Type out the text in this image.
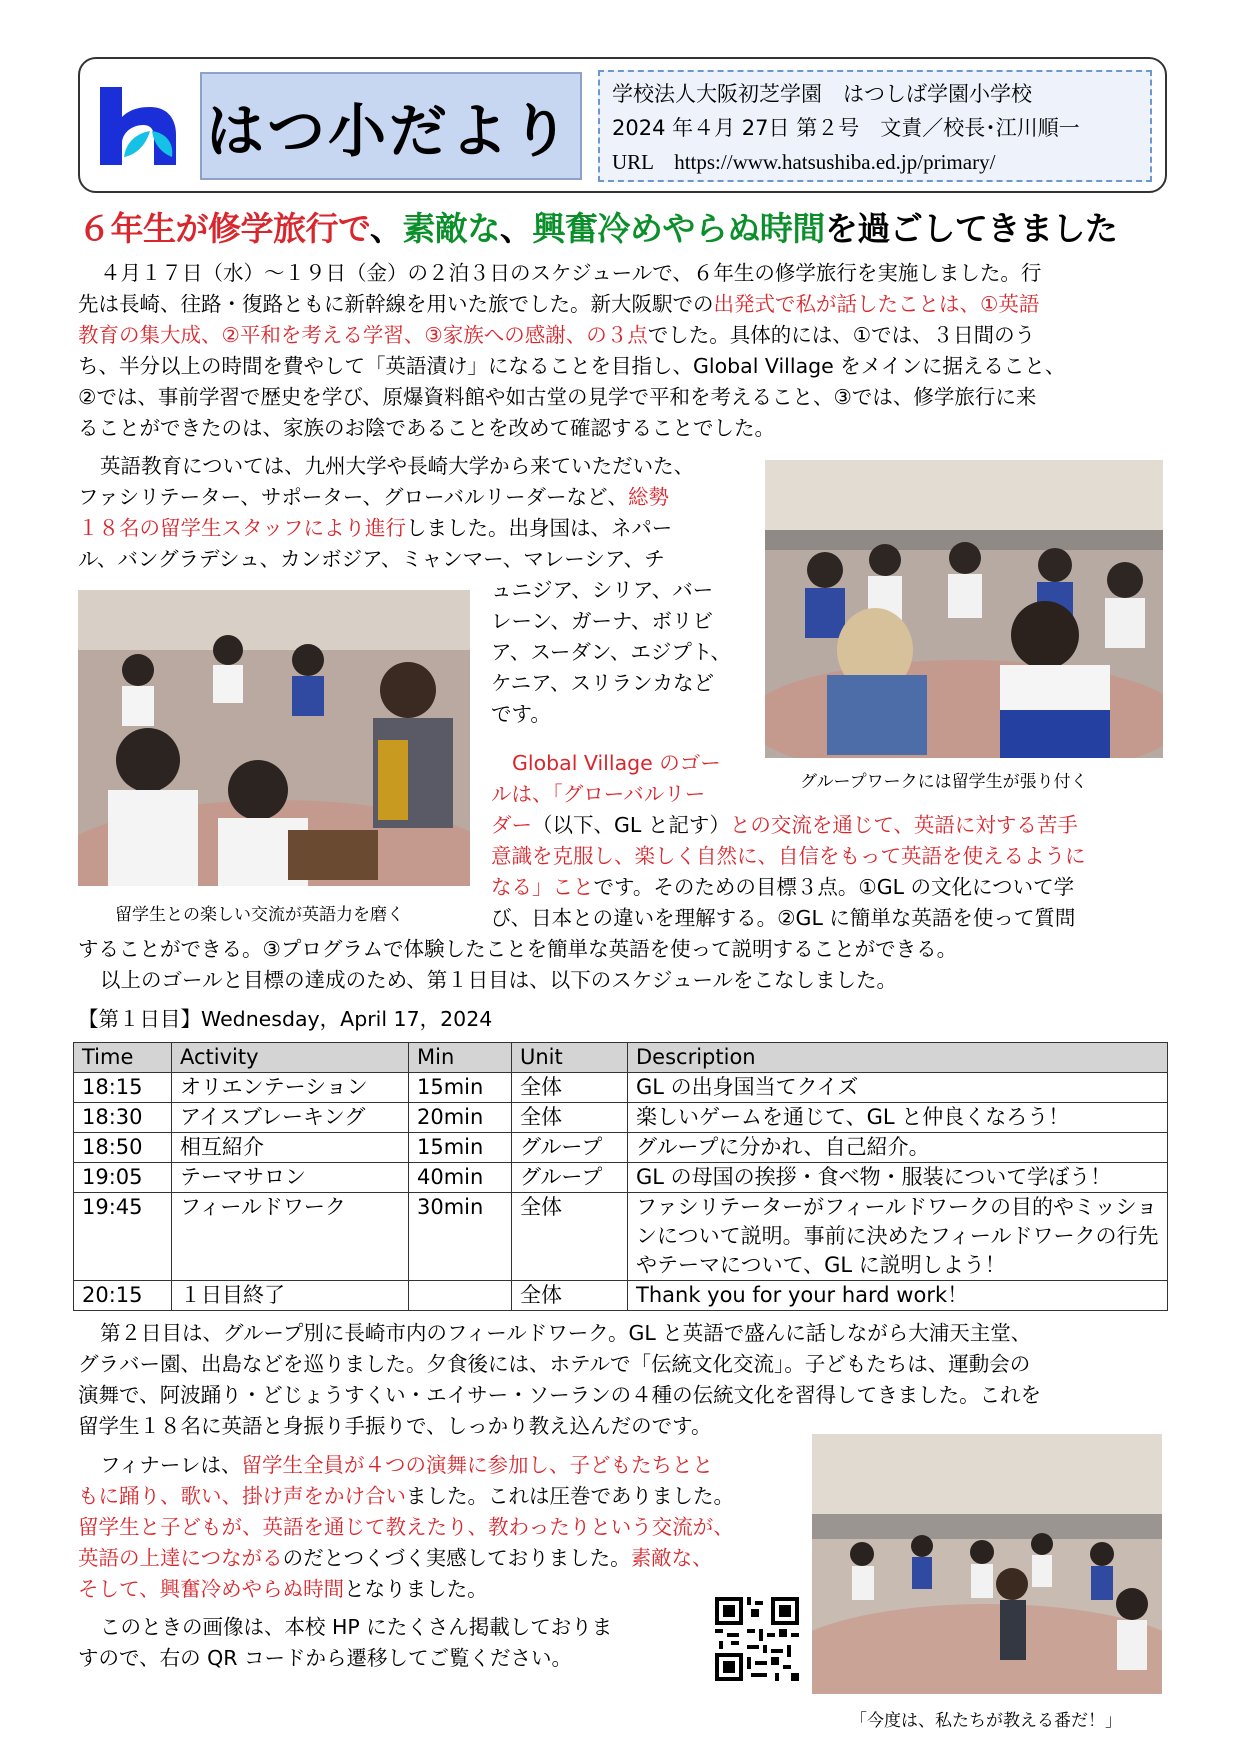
はつ小だより
学校法人大阪初芝学園　はつしば学園小学校
2024 年４月 27日 第２号　文責／校長･江川順一
URL　https://www.hatsushiba.ed.jp/primary/
６年生が修学旅行で、素敵な、興奮冷めやらぬ時間を過ごしてきました
４月１７日（水）～１９日（金）の２泊３日のスケジュールで、６年生の修学旅行を実施しました。行
先は長崎、往路・復路ともに新幹線を用いた旅でした。新大阪駅での出発式で私が話したことは、①英語
教育の集大成、②平和を考える学習、③家族への感謝、の３点でした。具体的には、①では、３日間のう
ち、半分以上の時間を費やして「英語漬け」になることを目指し、Global Village をメインに据えること、
②では、事前学習で歴史を学び、原爆資料館や如古堂の見学で平和を考えること、③では、修学旅行に来
ることができたのは、家族のお陰であることを改めて確認することでした。
英語教育については、九州大学や長崎大学から来ていただいた、
ファシリテーター、サポーター、グローバルリーダーなど、総勢
１８名の留学生スタッフにより進行しました。出身国は、ネパー
ル、バングラデシュ、カンボジア、ミャンマー、マレーシア、チ
ュニジア、シリア、バー
レーン、ガーナ、ボリビ
ア、スーダン、エジプト、
ケニア、スリランカなど
です。
Global Village のゴー
ルは、「グローバルリー
ダー（以下、GL と記す）との交流を通じて、英語に対する苦手
意識を克服し、楽しく自然に、自信をもって英語を使えるように
なる」ことです。そのための目標３点。①GL の文化について学
び、日本との違いを理解する。②GL に簡単な英語を使って質問
することができる。③プログラムで体験したことを簡単な英語を使って説明することができる。
以上のゴールと目標の達成のため、第１日目は、以下のスケジュールをこなしました。
【第１日目】Wednesday，April 17，2024
グループワークには留学生が張り付く
留学生との楽しい交流が英語力を磨く
Time	Activity	Min	Unit	Description
18:15	オリエンテーション	15min	全体	GL の出身国当てクイズ
18:30	アイスブレーキング	20min	全体	楽しいゲームを通じて、GL と仲良くなろう！
18:50	相互紹介	15min	グループ	グループに分かれ、自己紹介。
19:05	テーマサロン	40min	グループ	GL の母国の挨拶・食べ物・服装について学ぼう！
19:45	フィールドワーク	30min	全体	ファシリテーターがフィールドワークの目的やミッションについて説明。事前に決めたフィールドワークの行先やテーマについて、GL に説明しよう！
20:15	１日目終了		全体	Thank you for your hard work！
第２日目は、グループ別に長崎市内のフィールドワーク。GL と英語で盛んに話しながら大浦天主堂、
グラバー園、出島などを巡りました。夕食後には、ホテルで「伝統文化交流」。子どもたちは、運動会の
演舞で、阿波踊り・どじょうすくい・エイサー・ソーランの４種の伝統文化を習得してきました。これを
留学生１８名に英語と身振り手振りで、しっかり教え込んだのです。
フィナーレは、留学生全員が４つの演舞に参加し、子どもたちとと
もに踊り、歌い、掛け声をかけ合いました。これは圧巻でありました。
留学生と子どもが、英語を通じて教えたり、教わったりという交流が、
英語の上達につながるのだとつくづく実感しておりました。素敵な、
そして、興奮冷めやらぬ時間となりました。
このときの画像は、本校 HP にたくさん掲載しておりま
すので、右の QR コードから遷移してご覧ください。
「今度は、私たちが教える番だ！」
